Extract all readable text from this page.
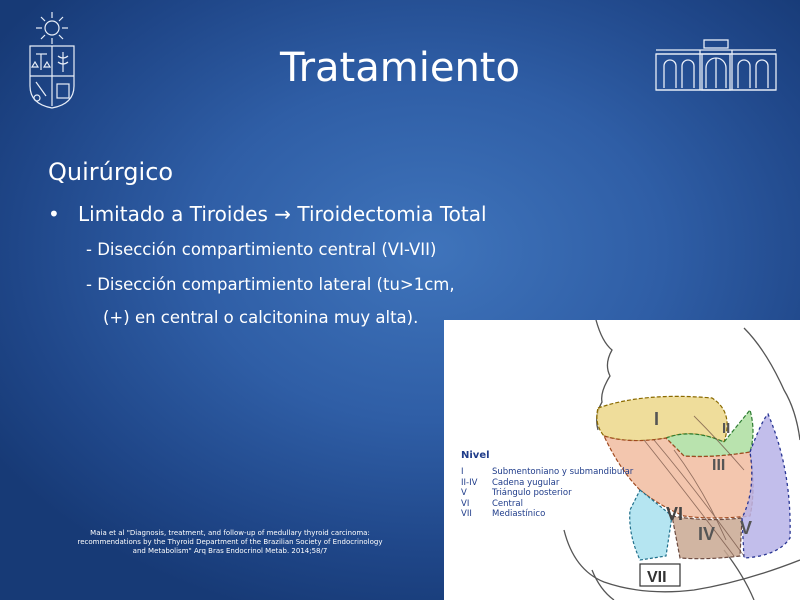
Tratamiento
Quirúrgico
• Limitado a Tiroides → Tiroidectomia Total
- Disección compartimiento central (VI-VII)
- Disección compartimiento lateral (tu>1cm,
(+) en central o calcitonina muy alta).
Maia et al "Diagnosis, treatment, and follow-up of medullary thyroid carcinoma:
recommendations by the Thyroid Department of the Brazilian Society of Endocrinology
and Metabolism" Arq Bras Endocrinol Metab. 2014;58/7
I	II
III
VI
IV V
VII
Nivel
I	Submentoniano y submandibular
II-IV	Cadena yugular
V	Triángulo posterior
VI	Central
VII	Mediastínico
